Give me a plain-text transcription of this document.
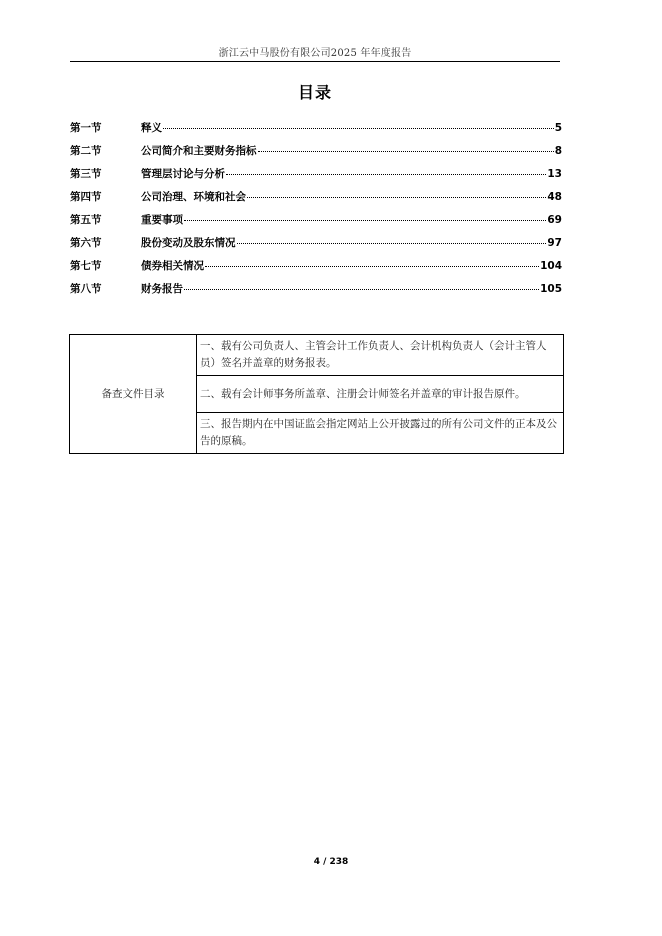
浙江云中马股份有限公司2025 年年度报告
目录
第一节	释义	5
第二节	公司简介和主要财务指标	8
第三节	管理层讨论与分析	13
第四节	公司治理、环境和社会	48
第五节	重要事项	69
第六节	股份变动及股东情况	97
第七节	债券相关情况	104
第八节	财务报告	105
备查文件目录	一、载有公司负责人、主管会计工作负责人、会计机构负责人（会计主管人员）签名并盖章的财务报表。
二、载有会计师事务所盖章、注册会计师签名并盖章的审计报告原件。
三、报告期内在中国证监会指定网站上公开披露过的所有公司文件的正本及公告的原稿。
4 / 238
